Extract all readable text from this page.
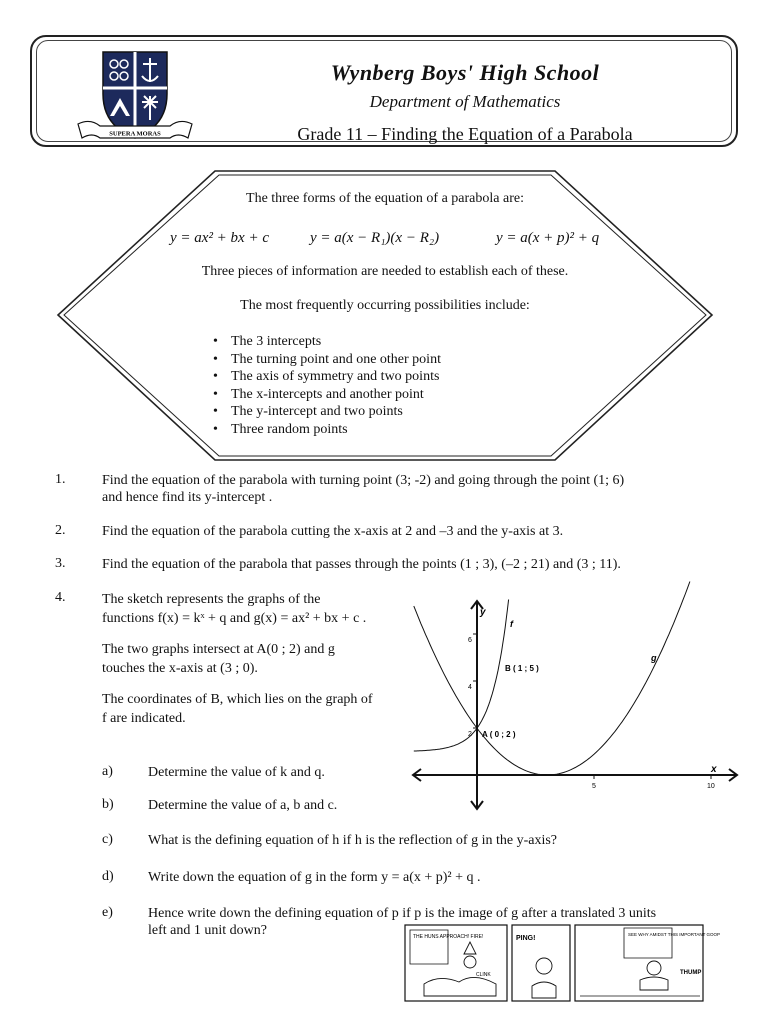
SUPERA MORAS
Wynberg Boys' High School
Department of Mathematics
Grade 11 – Finding the Equation of a Parabola
The three forms of the equation of a parabola are:
y = ax² + bx + c	y = a(x − R₁)(x − R₂)	y = a(x + p)² + q
Three pieces of information are needed to establish each of these.
The most frequently occurring possibilities include:
• The 3 intercepts
• The turning point and one other point
• The axis of symmetry and two points
• The x-intercepts and another point
• The y-intercept and two points
• Three random points
1.	Find the equation of the parabola with turning point (3; -2) and going through the point (1; 6)
and hence find its y-intercept .
2.	Find the equation of the parabola cutting the x-axis at 2 and –3 and the y-axis at 3.
3.	Find the equation of the parabola that passes through the points (1 ; 3), (–2 ; 21) and (3 ; 11).
4.	The sketch represents the graphs of the
functions f(x) = kˣ + q and g(x) = ax² + bx + c .
The two graphs intersect at A(0 ; 2) and g
touches the x-axis at (3 ; 0).
The coordinates of B, which lies on the graph of
f are indicated.
2
4
6
5	10
y
x
f
g
B ( 1 ; 5 )
A ( 0 ; 2 )
a)	Determine the value of k and q.
b) Determine the value of a, b and c.
c)	What is the defining equation of h if h is the reflection of g in the y-axis?
d) Write down the equation of g in the form y = a(x + p)² + q .
e)	Hence write down the defining equation of p if p is the image of g after a translated 3 units
left and 1 unit down?	THE HUNS APPROACH! FIRE!
CLINK
PING!
SEE WHY AMIDST THIS IMPORTANT GOOP
THUMP
